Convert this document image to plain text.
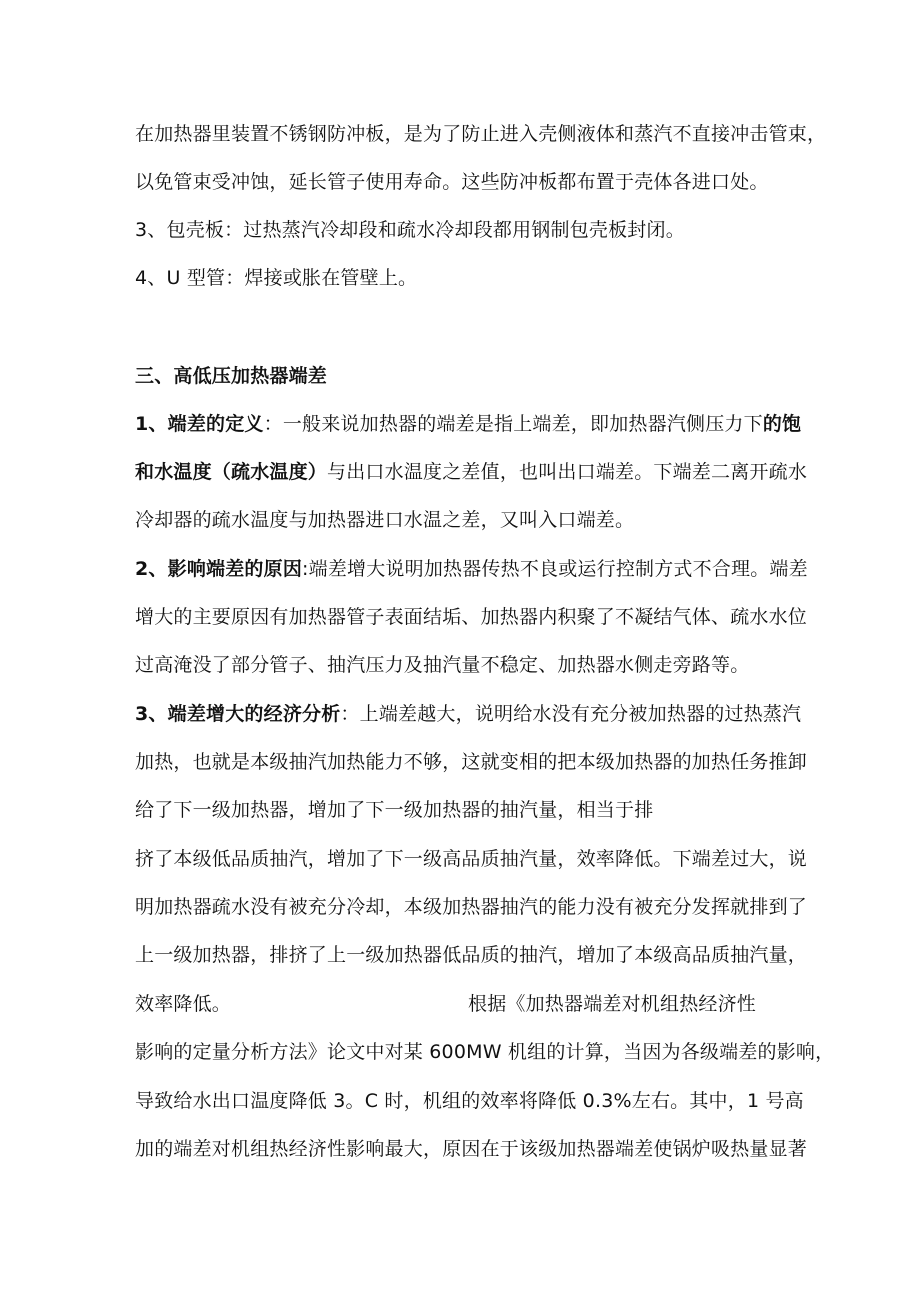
在加热器里装置不锈钢防冲板，是为了防止进入壳侧液体和蒸汽不直接冲击管束，
以免管束受冲蚀，延长管子使用寿命。这些防冲板都布置于壳体各进口处。
3、包壳板：过热蒸汽冷却段和疏水冷却段都用钢制包壳板封闭。
4、U 型管：焊接或胀在管壁上。
三、高低压加热器端差
1、端差的定义：一般来说加热器的端差是指上端差，即加热器汽侧压力下的饱
和水温度（疏水温度）与出口水温度之差值，也叫出口端差。下端差二离开疏水
冷却器的疏水温度与加热器进口水温之差，又叫入口端差。
2、影响端差的原因:端差增大说明加热器传热不良或运行控制方式不合理。端差
增大的主要原因有加热器管子表面结垢、加热器内积聚了不凝结气体、疏水水位
过高淹没了部分管子、抽汽压力及抽汽量不稳定、加热器水侧走旁路等。
3、端差增大的经济分析：上端差越大，说明给水没有充分被加热器的过热蒸汽
加热，也就是本级抽汽加热能力不够，这就变相的把本级加热器的加热任务推卸
给了下一级加热器，增加了下一级加热器的抽汽量，相当于排
挤了本级低品质抽汽，增加了下一级高品质抽汽量，效率降低。下端差过大，说
明加热器疏水没有被充分冷却，本级加热器抽汽的能力没有被充分发挥就排到了
上一级加热器，排挤了上一级加热器低品质的抽汽，增加了本级高品质抽汽量，
效率降低。	根据《加热器端差对机组热经济性
影响的定量分析方法》论文中对某 600MW 机组的计算，当因为各级端差的影响，
导致给水出口温度降低 3。C 时，机组的效率将降低 0.3%左右。其中，1 号高
加的端差对机组热经济性影响最大，原因在于该级加热器端差使锅炉吸热量显著
